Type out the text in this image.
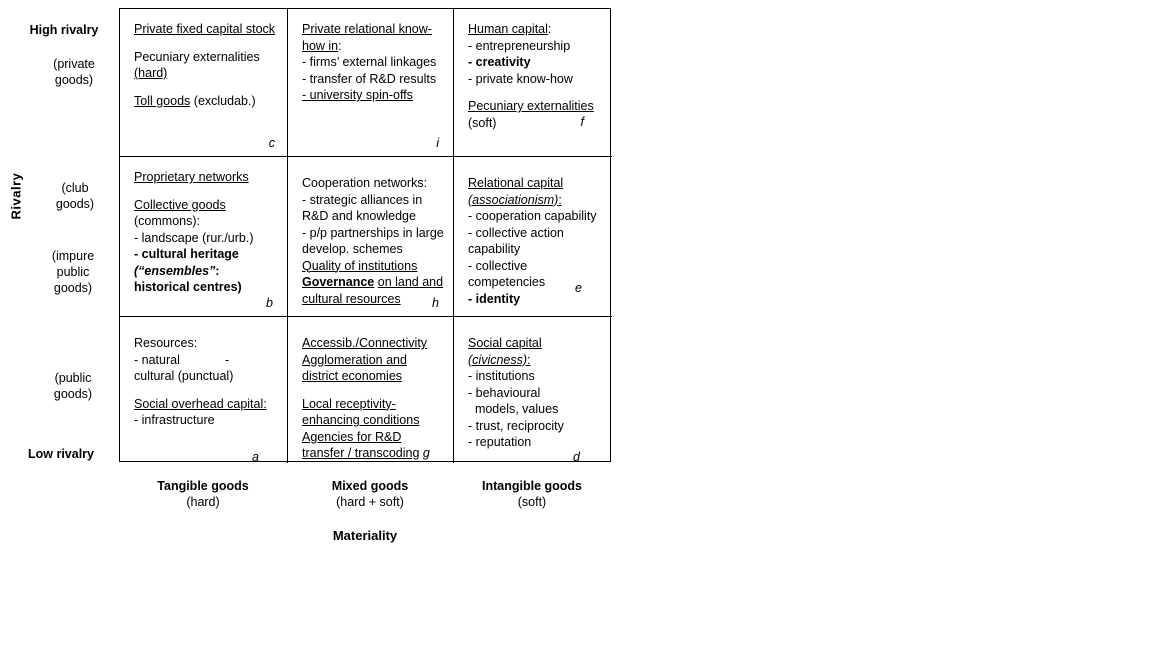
Rivalry
High rivalry
(private
goods)
(club
goods)
(impure
public
goods)
(public
goods)
Low rivalry

Private fixed capital stock

Pecuniary externalities

(hard)

Toll goods (excludab.)

c

Private relational know-how in:

- firms’ external linkages

- transfer of R&D results

- university spin-offs

i

Human capital:

- entrepreneurship

- creativity

- private know-how

Pecuniary externalities

(soft)	f

Proprietary networks

Collective goods

(commons):

- landscape (rur./urb.)

- cultural heritage

(“ensembles”:

historical centres)

b

Cooperation networks:

- strategic alliances in R&D and knowledge

- p/p partnerships in large develop. schemes

Quality of institutions

Governance on land and cultural resources	h

Relational capital

(associationism):

- cooperation capability

- collective action capability

- collective competencies

- identity

e

Resources:

- natural             -

cultural (punctual)

Social overhead capital:

- infrastructure

a

Accessib./Connectivity

Agglomeration and district economies

Local receptivity-enhancing conditions

Agencies for R&D transfer / transcoding g

Social capital

(civicness):

- institutions

- behavioural

models, values

- trust, reciprocity

- reputation

d
Tangible goods
(hard)
Mixed goods
(hard + soft)
Intangible goods
(soft)
Materiality
